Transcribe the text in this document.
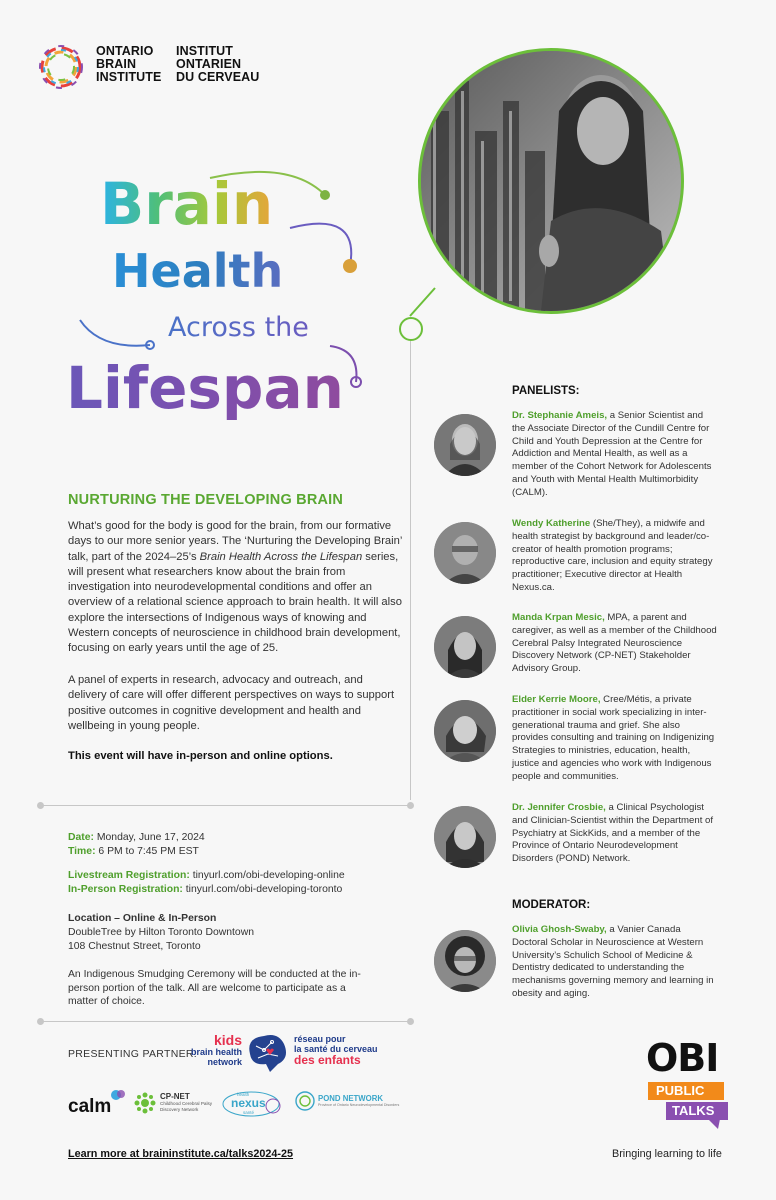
ONTARIO
BRAIN
INSTITUTE
INSTITUT
ONTARIEN
DU CERVEAU
Brain
Health
Across the
Lifespan
NURTURING THE DEVELOPING BRAIN
What’s good for the body is good for the brain, from our formative days to our more senior years. The ‘Nurturing the Developing Brain’ talk, part of the 2024–25’s Brain Health Across the Lifespan series, will present what researchers know about the brain from investigation into neurodevelopmental conditions and offer an overview of a relational science approach to brain health. It will also explore the intersections of Indigenous ways of knowing and Western concepts of neuroscience in childhood brain development, focusing on early years until the age of 25.
A panel of experts in research, advocacy and outreach, and delivery of care will offer different perspectives on ways to support positive outcomes in cognitive development and health and wellbeing in young people.
This event will have in-person and online options.
Date: Monday, June 17, 2024
Time: 6 PM to 7:45 PM EST
Livestream Registration: tinyurl.com/obi-developing-online
In-Person Registration: tinyurl.com/obi-developing-toronto
Location – Online & In-Person
DoubleTree by Hilton Toronto Downtown
108 Chestnut Street, Toronto
An Indigenous Smudging Ceremony will be conducted at the in-person portion of the talk. All are welcome to participate as a matter of choice.
PANELISTS:
Dr. Stephanie Ameis, a Senior Scientist and the Associate Director of the Cundill Centre for Child and Youth Depression at the Centre for Addiction and Mental Health, as well as a member of the Cohort Network for Adolescents and Youth with Mental Health Multimorbidity (CALM).
Wendy Katherine (She/They), a midwife and health strategist by background and leader/co-creator of health promotion programs; reproductive care, inclusion and equity strategy practitioner; Executive director at Health Nexus.ca.
Manda Krpan Mesic, MPA, a parent and caregiver, as well as a member of the Childhood Cerebral Palsy Integrated Neuroscience Discovery Network (CP-NET) Stakeholder Advisory Group.
Elder Kerrie Moore, Cree/Métis, a private practitioner in social work specializing in inter-generational trauma and grief. She also provides consulting and training on Indigenizing Strategies to ministries, education, health, justice and agencies who work with Indigenous people and communities.
Dr. Jennifer Crosbie, a Clinical Psychologist and Clinician-Scientist within the Department of Psychiatry at SickKids, and a member of the Province of Ontario Neurodevelopment Disorders (POND) Network.
MODERATOR:
Olivia Ghosh-Swaby, a Vanier Canada Doctoral Scholar in Neuroscience at Western University’s Schulich School of Medicine & Dentistry dedicated to understanding the mechanisms governing memory and learning in obesity and aging.
PRESENTING PARTNER:
kids
brain health
network
réseau pour
la santé du cerveau
des enfants
calm	CP-NET
Childhood Cerebral Palsy
Discovery Network
health
nexus
santé
POND NETWORK
Province of Ontario Neurodevelopmental Disorders
OBI
PUBLIC
TALKS
Learn more at braininstitute.ca/talks2024-25	Bringing learning to life
